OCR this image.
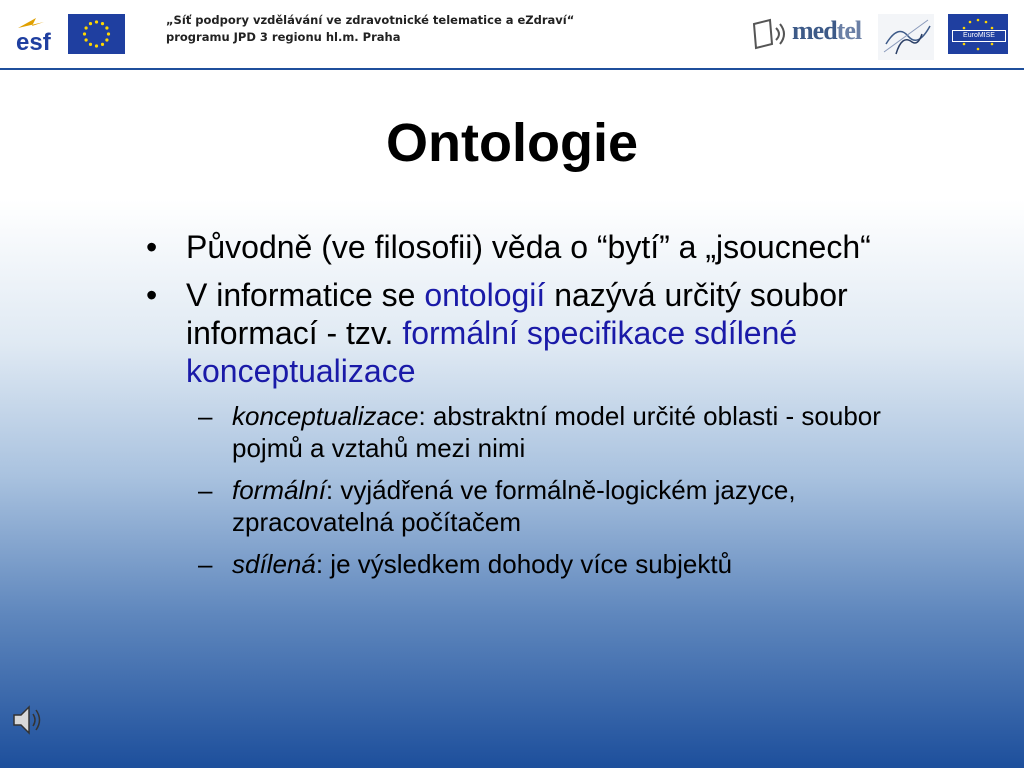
esf
„Síť podpory vzdělávání ve zdravotnické telematice a eZdraví“
programu JPD 3 regionu hl.m. Praha	medtel	EuroMISE
Ontologie
• Původně (ve filosofii) věda o “bytí” a „jsoucnech“
• V informatice se ontologií nazývá určitý soubor informací - tzv. formální specifikace sdílené konceptualizace
– konceptualizace: abstraktní model určité oblasti - soubor pojmů a vztahů mezi nimi
– formální: vyjádřená ve formálně-logickém jazyce, zpracovatelná počítačem
– sdílená: je výsledkem dohody více subjektů
